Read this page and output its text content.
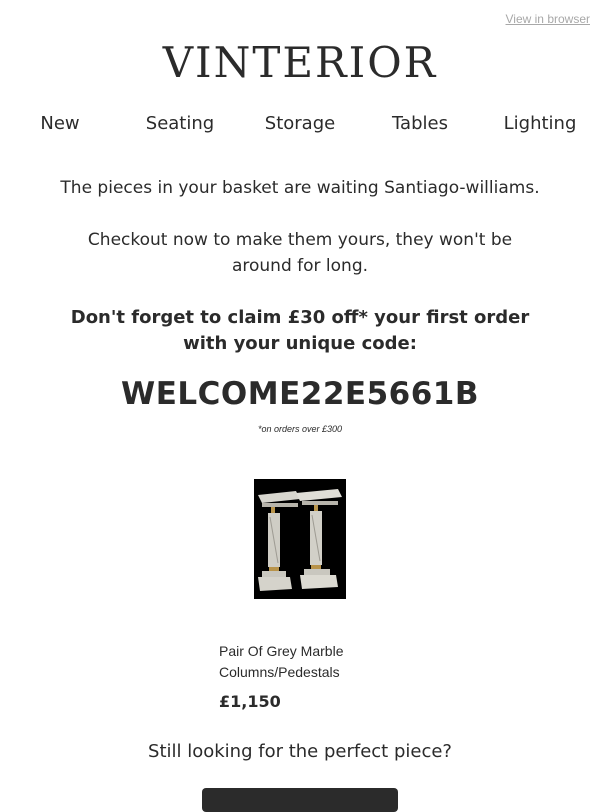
View in browser
VINTERIOR
New	Seating	Storage	Tables	Lighting
The pieces in your basket are waiting Santiago-williams.
Checkout now to make them yours, they won't be around for long.
Don't forget to claim £30 off* your first order with your unique code:
WELCOME22E5661B
*on orders over £300
Pair Of Grey Marble Columns/Pedestals
£1,150
Still looking for the perfect piece?
